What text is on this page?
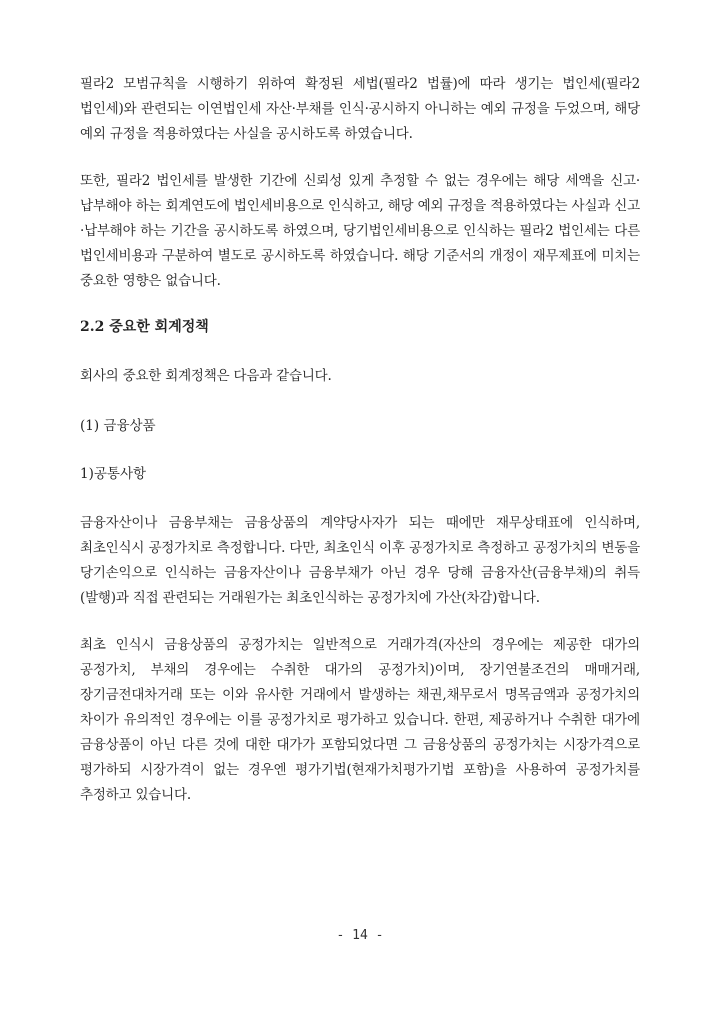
필라2 모범규칙을 시행하기 위하여 확정된 세법(필라2 법률)에 따라 생기는 법인세(필라2 법인세)와 관련되는 이연법인세 자산·부채를 인식·공시하지 아니하는 예외 규정을 두었으며, 해당 예외 규정을 적용하였다는 사실을 공시하도록 하였습니다.

또한, 필라2 법인세를 발생한 기간에 신뢰성 있게 추정할 수 없는 경우에는 해당 세액을 신고·납부해야 하는 회계연도에 법인세비용으로 인식하고, 해당 예외 규정을 적용하였다는 사실과 신고·납부해야 하는 기간을 공시하도록 하였으며, 당기법인세비용으로 인식하는 필라2 법인세는 다른 법인세비용과 구분하여 별도로 공시하도록 하였습니다. 해당 기준서의 개정이 재무제표에 미치는 중요한 영향은 없습니다.

2.2 중요한 회계정책

회사의 중요한 회계정책은 다음과 같습니다.

(1) 금융상품

1)공통사항

금융자산이나 금융부채는 금융상품의 계약당사자가 되는 때에만 재무상태표에 인식하며, 최초인식시 공정가치로 측정합니다. 다만, 최초인식 이후 공정가치로 측정하고 공정가치의 변동을 당기손익으로 인식하는 금융자산이나 금융부채가 아닌 경우 당해 금융자산(금융부채)의 취득(발행)과 직접 관련되는 거래원가는 최초인식하는 공정가치에 가산(차감)합니다.

최초 인식시 금융상품의 공정가치는 일반적으로 거래가격(자산의 경우에는 제공한 대가의 공정가치, 부채의 경우에는 수취한 대가의 공정가치)이며, 장기연불조건의 매매거래, 장기금전대차거래 또는 이와 유사한 거래에서 발생하는 채권,채무로서 명목금액과 공정가치의 차이가 유의적인 경우에는 이를 공정가치로 평가하고 있습니다. 한편, 제공하거나 수취한 대가에 금융상품이 아닌 다른 것에 대한 대가가 포함되었다면 그 금융상품의 공정가치는 시장가격으로 평가하되 시장가격이 없는 경우엔 평가기법(현재가치평가기법 포함)을 사용하여 공정가치를 추정하고 있습니다.

- 14 -
